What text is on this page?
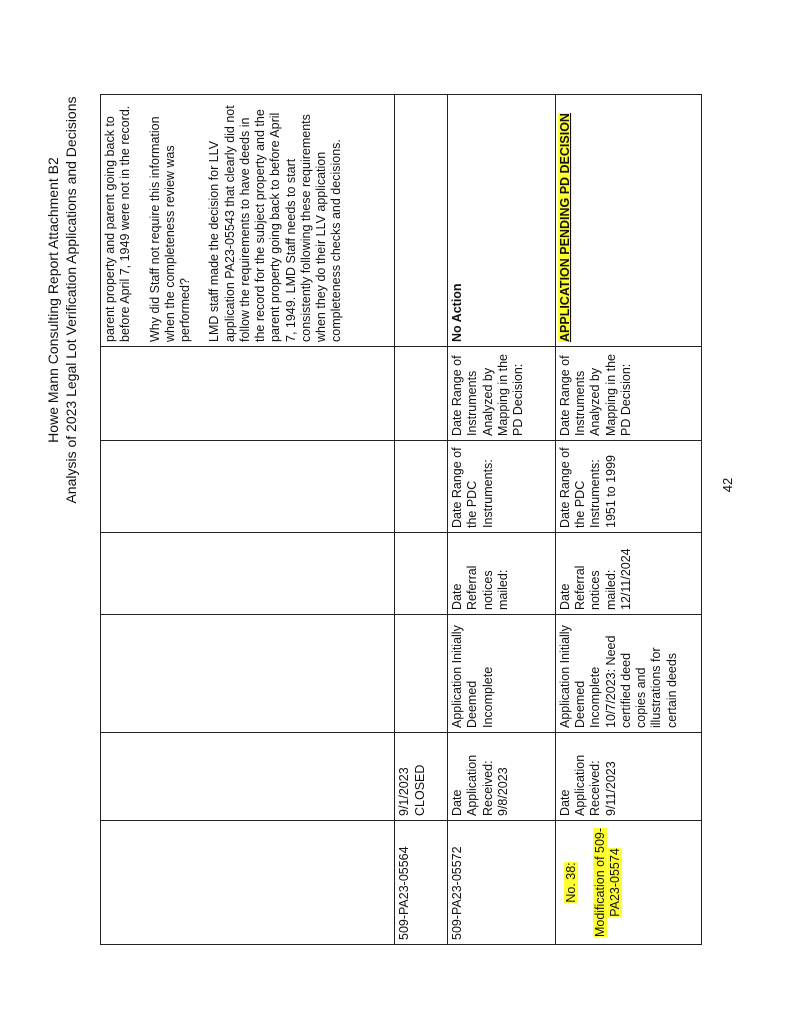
Howe Mann Consulting Report Attachment B2 Analysis of 2023 Legal Lot Verification Applications and Decisions

						parent property and parent going back to before April 7, 1949 were not in the record. Why did Staff not require this information when the completeness review was performed? LMD staff made the decision for LLV application PA23-05543 that clearly did not follow the requirements to have deeds in the record for the subject property and the parent property going back to before April 7, 1949. LMD Staff needs to start consistently following these requirements when they do their LLV application completeness checks and decisions.

509-PA23-05564	9/1/2023 CLOSED					
509-PA23-05572	Date Application Received: 9/8/2023	Application Initially Deemed Incomplete	Date Referral notices mailed:	Date Range of the PDC Instruments:	Date Range of Instruments Analyzed by Mapping in the PD Decision:	No Action

No. 38: Modification of 509-PA23-05574	Date Application Received: 9/11/2023	Application Initially Deemed Incomplete 10/7/2023: Need certified deed copies and illustrations for certain deeds	Date Referral notices mailed: 12/11/2024	Date Range of the PDC Instruments: 1951 to 1999	Date Range of Instruments Analyzed by Mapping in the PD Decision:	APPLICATION PENDING PD DECISION
42
